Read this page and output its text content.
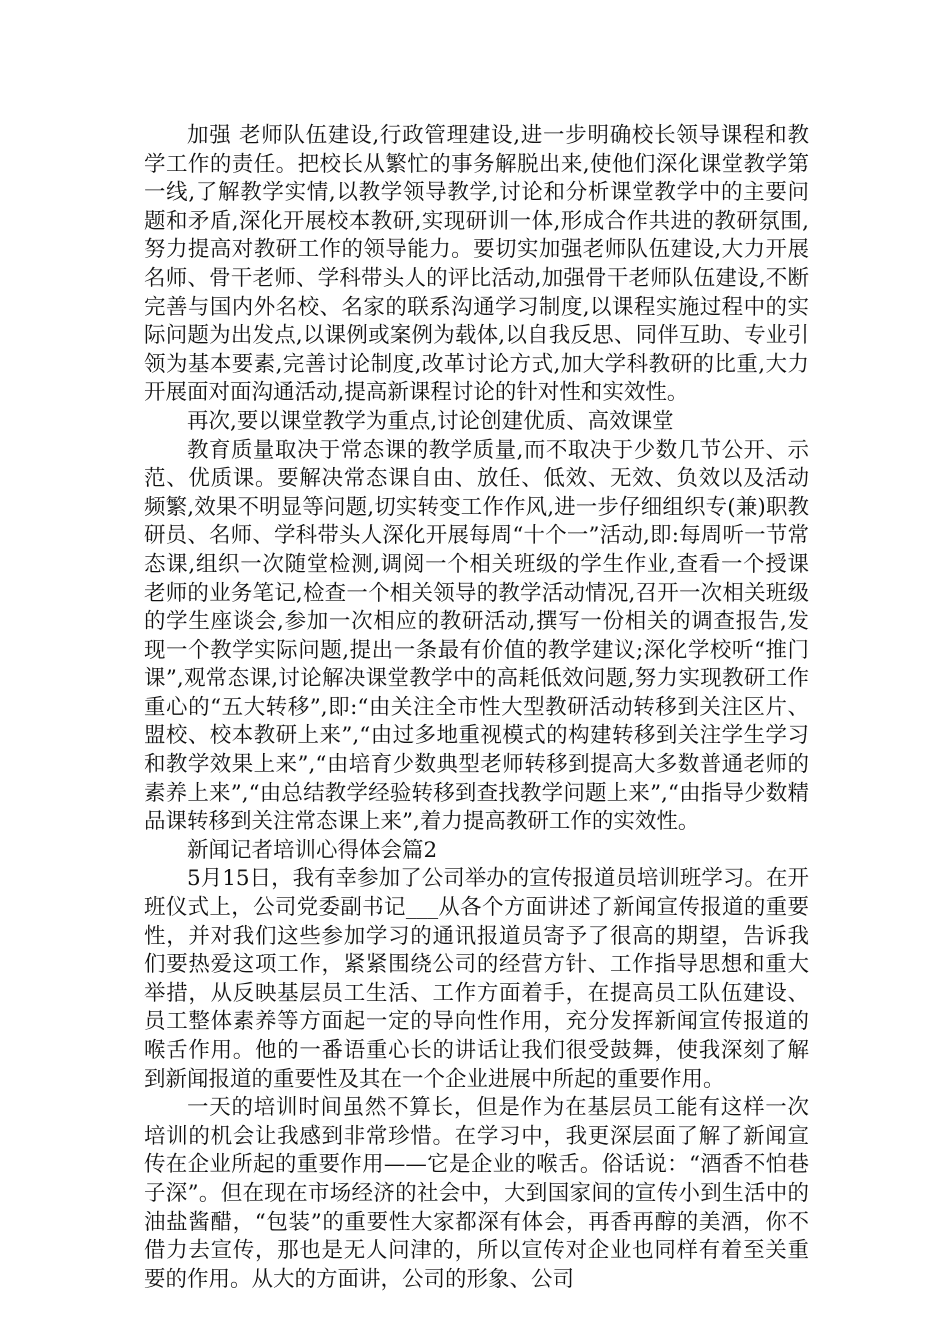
加强 老师队伍建设,行政管理建设,进一步明确校长领导课程和教学工作的责任。把校长从繁忙的事务解脱出来,使他们深化课堂教学第一线,了解教学实情,以教学领导教学,讨论和分析课堂教学中的主要问题和矛盾,深化开展校本教研,实现研训一体,形成合作共进的教研氛围,努力提高对教研工作的领导能力。要切实加强老师队伍建设,大力开展名师、骨干老师、学科带头人的评比活动,加强骨干老师队伍建设,不断完善与国内外名校、名家的联系沟通学习制度,以课程实施过程中的实际问题为出发点,以课例或案例为载体,以自我反思、同伴互助、专业引领为基本要素,完善讨论制度,改革讨论方式,加大学科教研的比重,大力开展面对面沟通活动,提高新课程讨论的针对性和实效性。

再次,要以课堂教学为重点,讨论创建优质、高效课堂

教育质量取决于常态课的教学质量,而不取决于少数几节公开、示范、优质课。要解决常态课自由、放任、低效、无效、负效以及活动频繁,效果不明显等问题,切实转变工作作风,进一步仔细组织专(兼)职教研员、名师、学科带头人深化开展每周“十个一”活动,即:每周听一节常态课,组织一次随堂检测,调阅一个相关班级的学生作业,查看一个授课老师的业务笔记,检查一个相关领导的教学活动情况,召开一次相关班级的学生座谈会,参加一次相应的教研活动,撰写一份相关的调查报告,发现一个教学实际问题,提出一条最有价值的教学建议;深化学校听“推门课”,观常态课,讨论解决课堂教学中的高耗低效问题,努力实现教研工作重心的“五大转移”,即:“由关注全市性大型教研活动转移到关注区片、盟校、校本教研上来”,“由过多地重视模式的构建转移到关注学生学习和教学效果上来”,“由培育少数典型老师转移到提高大多数普通老师的素养上来”,“由总结教学经验转移到查找教学问题上来”,“由指导少数精品课转移到关注常态课上来”,着力提高教研工作的实效性。

新闻记者培训心得体会篇2

5月15日，我有幸参加了公司举办的宣传报道员培训班学习。在开班仪式上，公司党委副书记___从各个方面讲述了新闻宣传报道的重要性，并对我们这些参加学习的通讯报道员寄予了很高的期望，告诉我们要热爱这项工作，紧紧围绕公司的经营方针、工作指导思想和重大举措，从反映基层员工生活、工作方面着手，在提高员工队伍建设、员工整体素养等方面起一定的导向性作用，充分发挥新闻宣传报道的喉舌作用。他的一番语重心长的讲话让我们很受鼓舞，使我深刻了解到新闻报道的重要性及其在一个企业进展中所起的重要作用。

一天的培训时间虽然不算长，但是作为在基层员工能有这样一次培训的机会让我感到非常珍惜。在学习中，我更深层面了解了新闻宣传在企业所起的重要作用——它是企业的喉舌。俗话说：“酒香不怕巷子深”。但在现在市场经济的社会中，大到国家间的宣传小到生活中的油盐酱醋，“包装”的重要性大家都深有体会，再香再醇的美酒，你不借力去宣传，那也是无人问津的，所以宣传对企业也同样有着至关重要的作用。从大的方面讲，公司的形象、公司
